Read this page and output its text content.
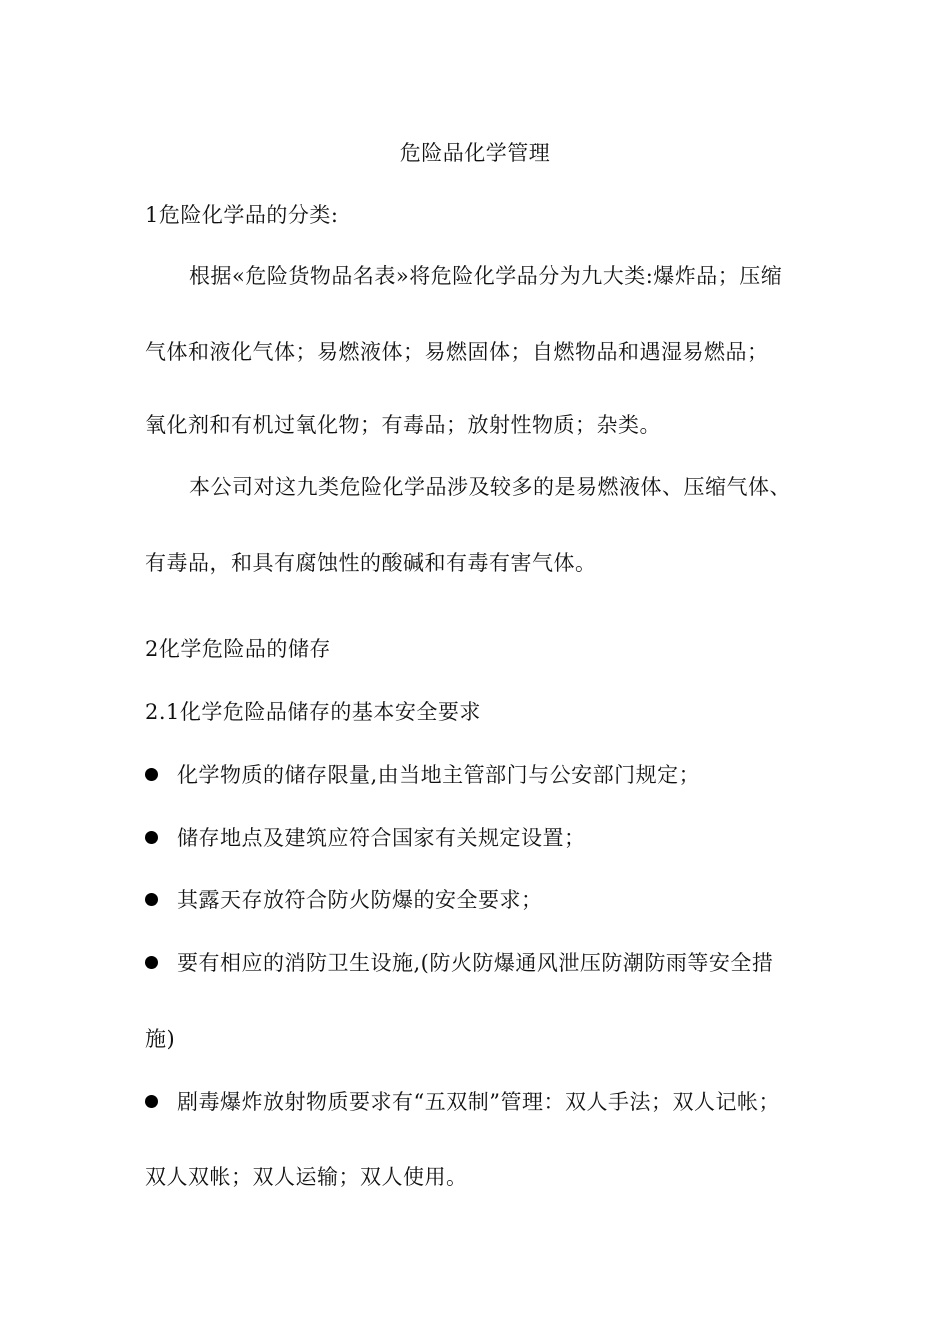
危险品化学管理
1危险化学品的分类:
根据«危险货物品名表»将危险化学品分为九大类:爆炸品；压缩
气体和液化气体；易燃液体；易燃固体；自燃物品和遇湿易燃品；
氧化剂和有机过氧化物；有毒品；放射性物质；杂类。
本公司对这九类危险化学品涉及较多的是易燃液体、压缩气体、
有毒品，和具有腐蚀性的酸碱和有毒有害气体。
2化学危险品的储存
2.1化学危险品储存的基本安全要求
化学物质的储存限量,由当地主管部门与公安部门规定；
储存地点及建筑应符合国家有关规定设置；
其露天存放符合防火防爆的安全要求；
要有相应的消防卫生设施,(防火防爆通风泄压防潮防雨等安全措
施)
剧毒爆炸放射物质要求有“五双制”管理：双人手法；双人记帐；
双人双帐；双人运输；双人使用。
